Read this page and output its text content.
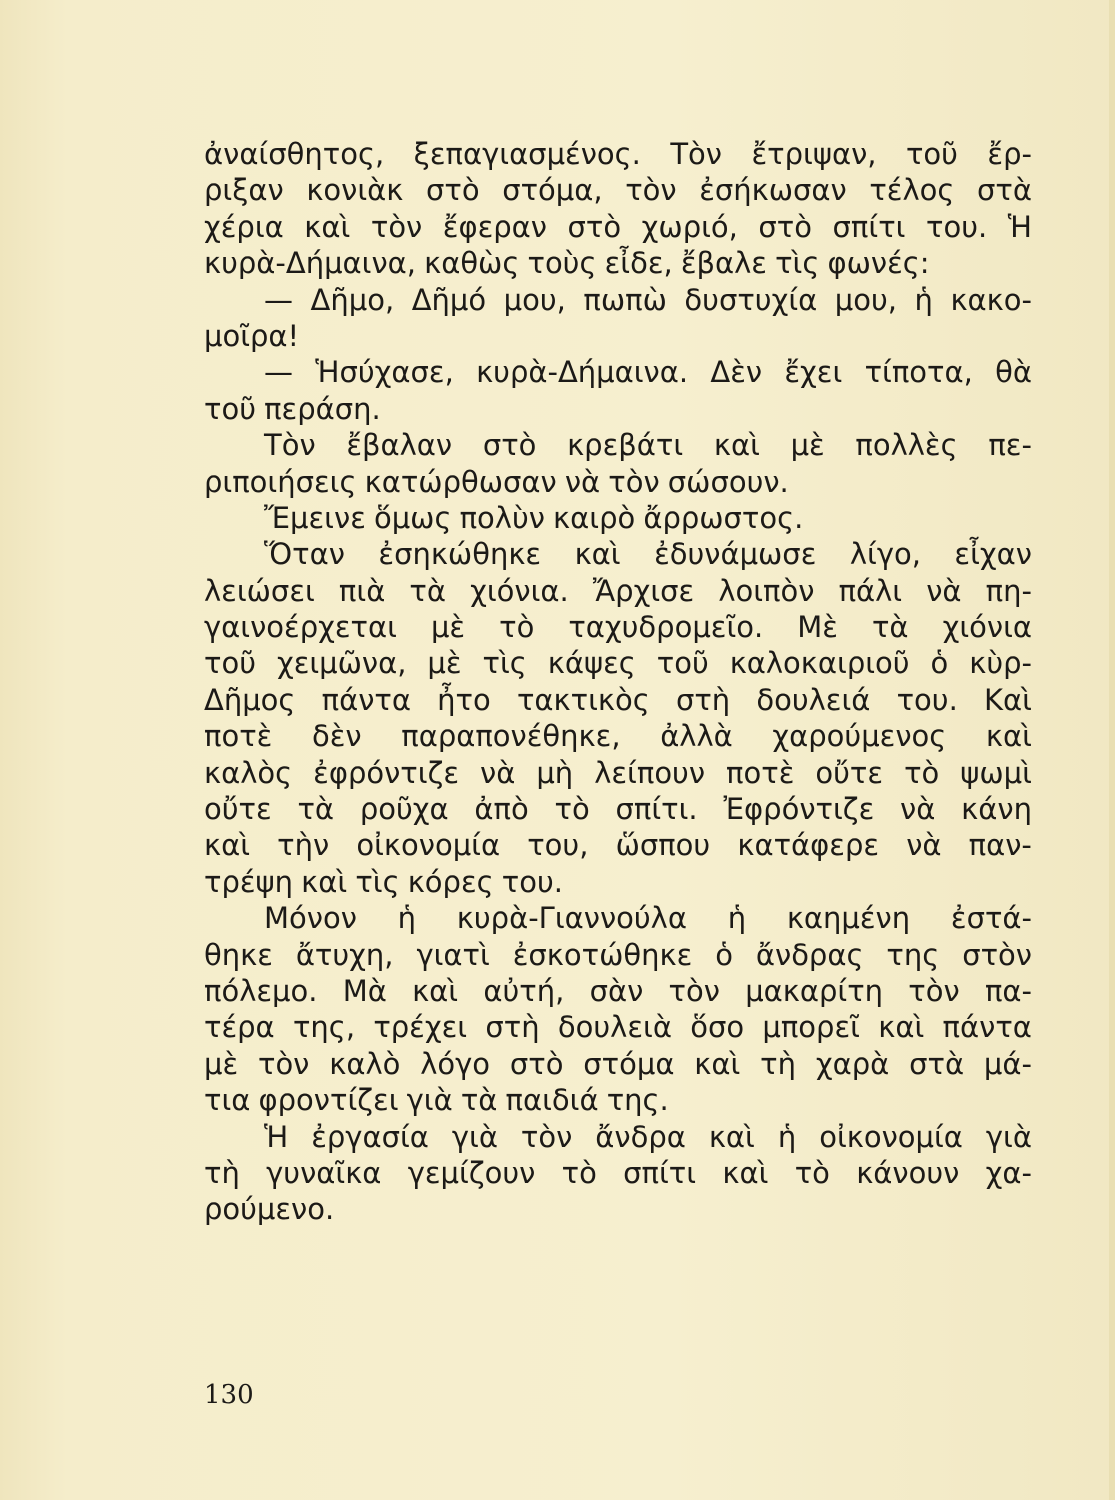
ἀναίσθητος, ξεπαγιασμένος. Τὸν ἔτριψαν, τοῦ ἔρ-
ριξαν κονιὰκ στὸ στόμα, τὸν ἐσήκωσαν τέλος στὰ
χέρια καὶ τὸν ἔφεραν στὸ χωριό, στὸ σπίτι του. Ἡ
κυρὰ-Δήμαινα, καθὼς τοὺς εἶδε, ἔβαλε τὶς φωνές:
— Δῆμο, Δῆμό μου, πωπὼ δυστυχία μου, ἡ κακο-
μοῖρα!
— Ἡσύχασε, κυρὰ-Δήμαινα. Δὲν ἔχει τίποτα, θὰ
τοῦ περάση.
Τὸν ἔβαλαν στὸ κρεβάτι καὶ μὲ πολλὲς πε-
ριποιήσεις κατώρθωσαν νὰ τὸν σώσουν.
Ἔμεινε ὅμως πολὺν καιρὸ ἄρρωστος.
Ὅταν ἐσηκώθηκε καὶ ἐδυνάμωσε λίγο, εἶχαν
λειώσει πιὰ τὰ χιόνια. Ἄρχισε λοιπὸν πάλι νὰ πη-
γαινοέρχεται μὲ τὸ ταχυδρομεῖο. Μὲ τὰ χιόνια
τοῦ χειμῶνα, μὲ τὶς κάψες τοῦ καλοκαιριοῦ ὁ κὺρ-
Δῆμος πάντα ἦτο τακτικὸς στὴ δουλειά του. Καὶ
ποτὲ δὲν παραπονέθηκε, ἀλλὰ χαρούμενος καὶ
καλὸς ἐφρόντιζε νὰ μὴ λείπουν ποτὲ οὔτε τὸ ψωμὶ
οὔτε τὰ ροῦχα ἀπὸ τὸ σπίτι. Ἐφρόντιζε νὰ κάνη
καὶ τὴν οἰκονομία του, ὥσπου κατάφερε νὰ παν-
τρέψη καὶ τὶς κόρες του.
Μόνον ἡ κυρὰ-Γιαννούλα ἡ καημένη ἐστά-
θηκε ἄτυχη, γιατὶ ἐσκοτώθηκε ὁ ἄνδρας της στὸν
πόλεμο. Μὰ καὶ αὐτή, σὰν τὸν μακαρίτη τὸν πα-
τέρα της, τρέχει στὴ δουλειὰ ὅσο μπορεῖ καὶ πάντα
μὲ τὸν καλὸ λόγο στὸ στόμα καὶ τὴ χαρὰ στὰ μά-
τια φροντίζει γιὰ τὰ παιδιά της.
Ἡ ἐργασία γιὰ τὸν ἄνδρα καὶ ἡ οἰκονομία γιὰ
τὴ γυναῖκα γεμίζουν τὸ σπίτι καὶ τὸ κάνουν χα-
ρούμενο.
130
